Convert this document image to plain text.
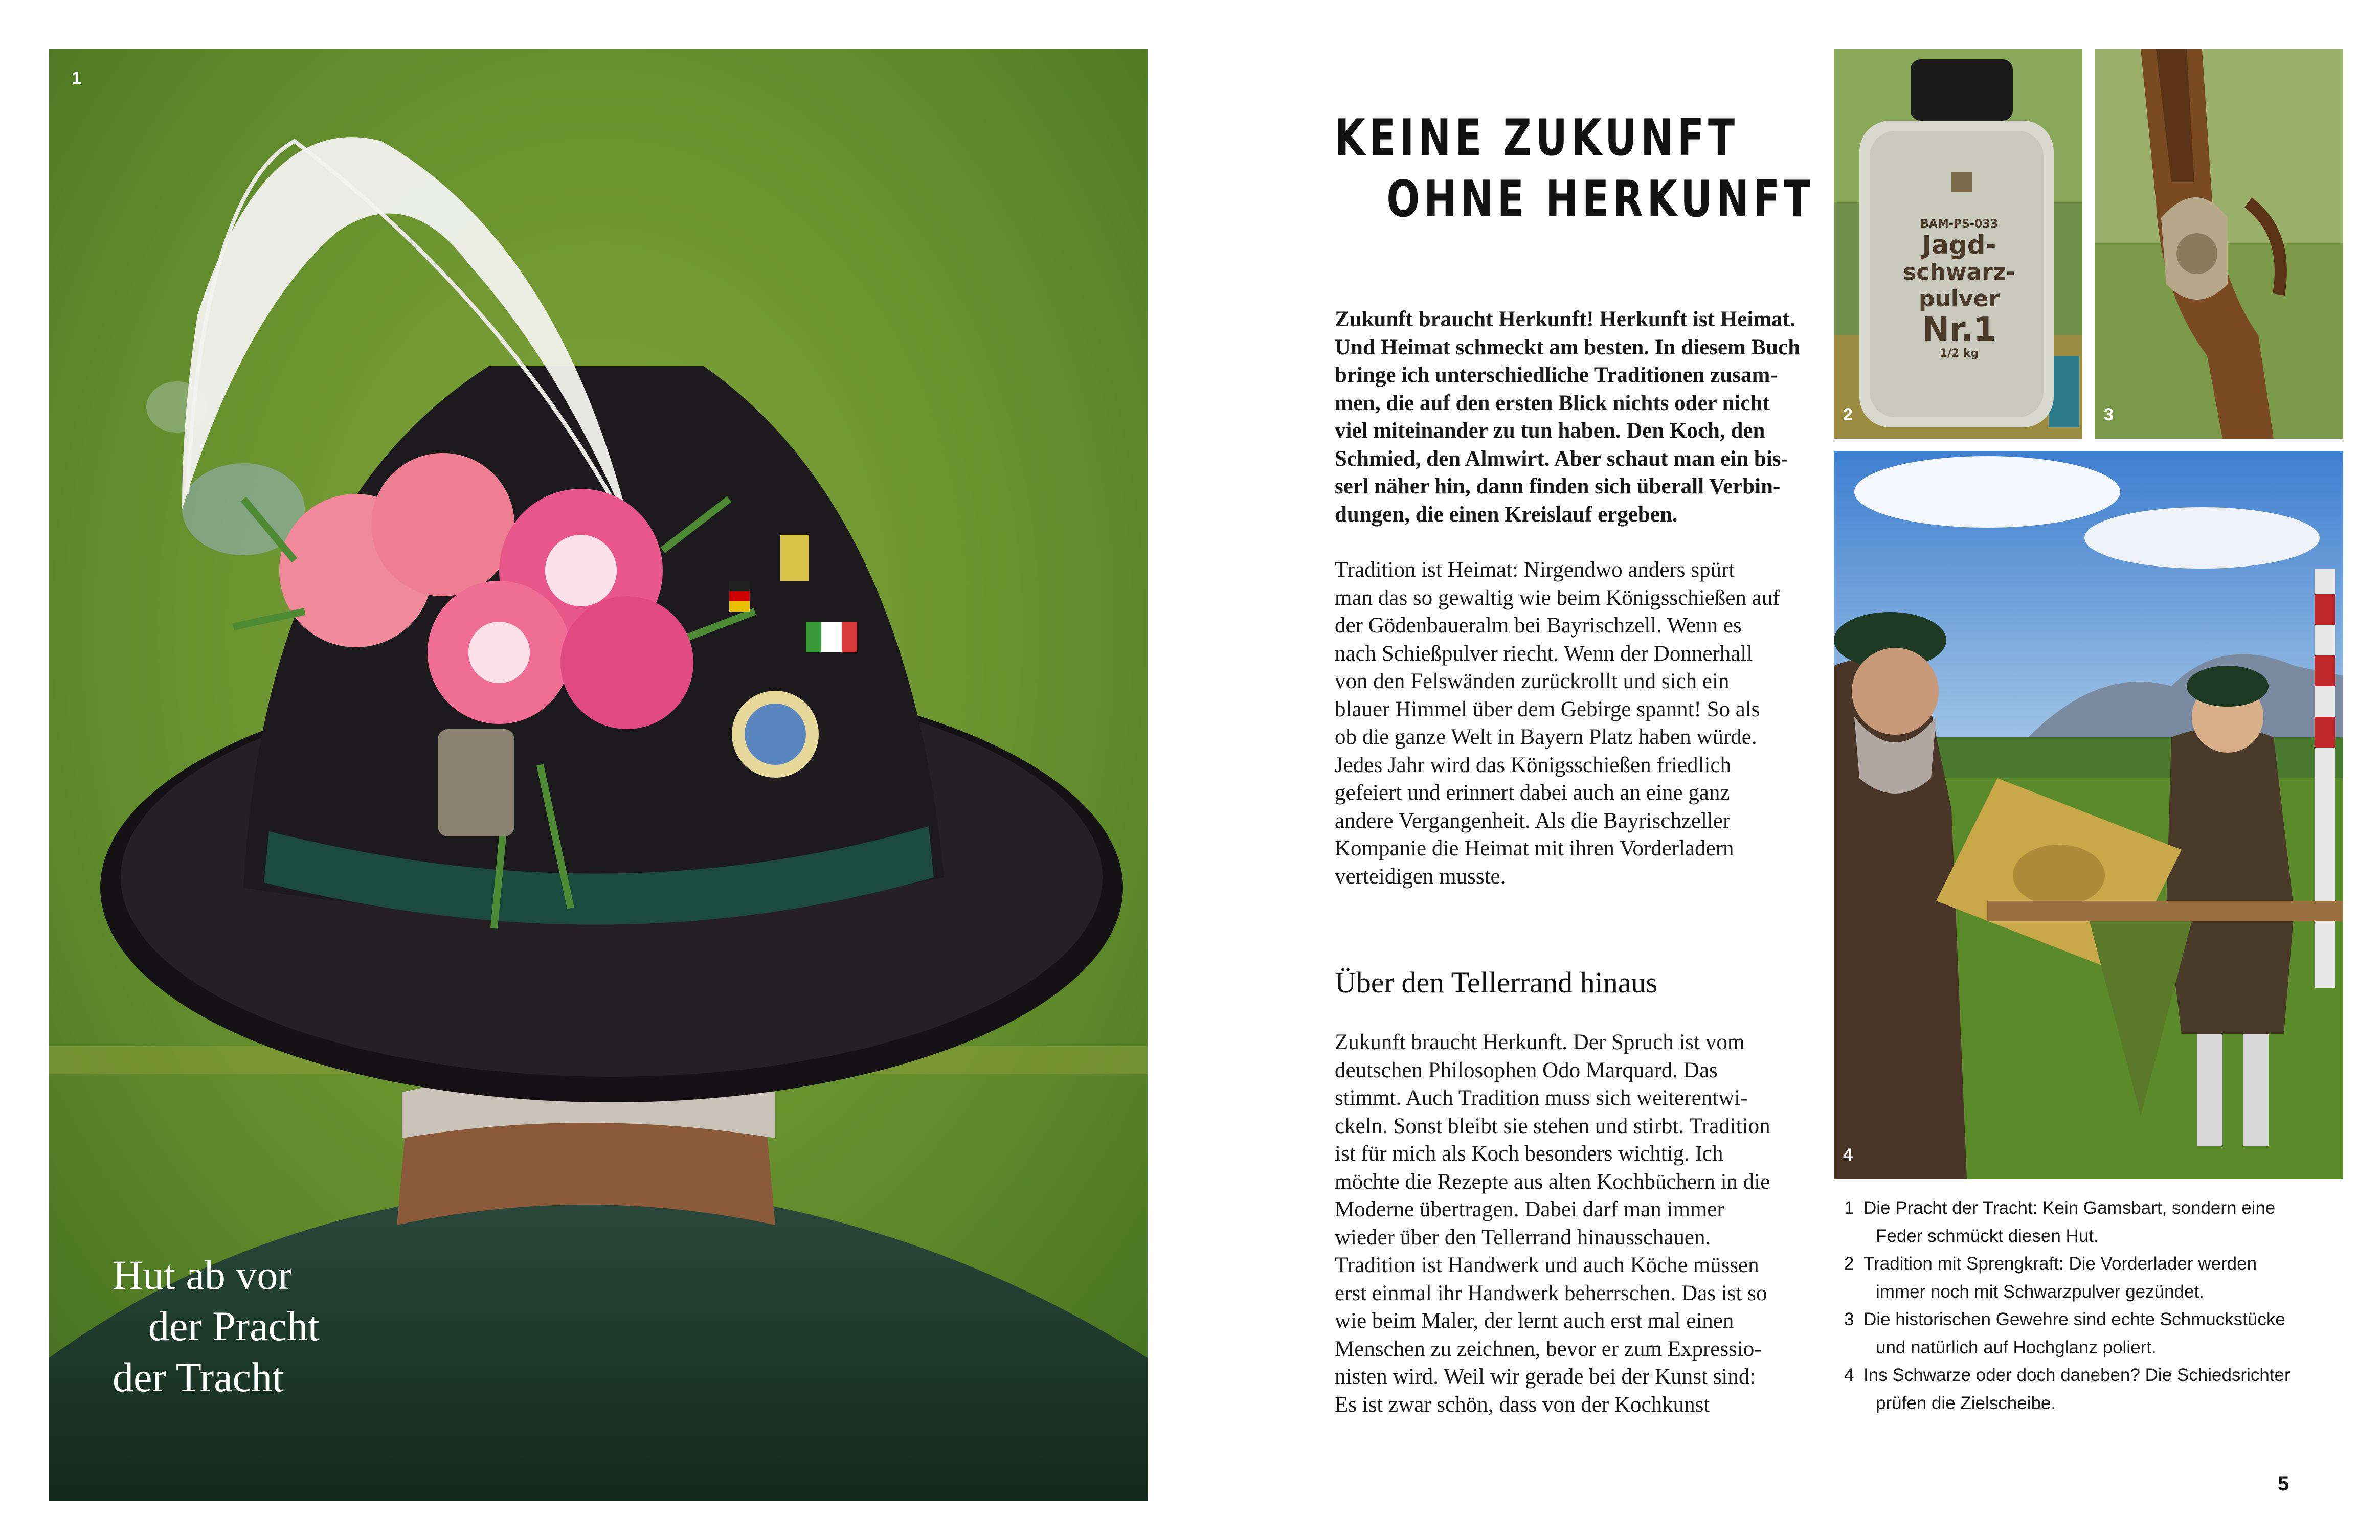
1
Hut ab vor
der Pracht
der Tracht
KEINE ZUKUNFT
OHNE HERKUNFT
Zukunft braucht Herkunft! Herkunft ist Heimat.
Und Heimat schmeckt am besten. In diesem Buch
bringe ich unterschiedliche Traditionen zusam-
men, die auf den ersten Blick nichts oder nicht
viel miteinander zu tun haben. Den Koch, den
Schmied, den Almwirt. Aber schaut man ein bis-
serl näher hin, dann finden sich überall Verbin-
dungen, die einen Kreislauf ergeben.
Tradition ist Heimat: Nirgendwo anders spürt
man das so gewaltig wie beim Königsschießen auf
der Gödenbaueralm bei Bayrischzell. Wenn es
nach Schießpulver riecht. Wenn der Donnerhall
von den Felswänden zurückrollt und sich ein
blauer Himmel über dem Gebirge spannt! So als
ob die ganze Welt in Bayern Platz haben würde.
Jedes Jahr wird das Königsschießen friedlich
gefeiert und erinnert dabei auch an eine ganz
andere Vergangenheit. Als die Bayrischzeller
Kompanie die Heimat mit ihren Vorderladern
verteidigen musste.
Über den Tellerrand hinaus
Zukunft braucht Herkunft. Der Spruch ist vom
deutschen Philosophen Odo Marquard. Das
stimmt. Auch Tradition muss sich weiterentwi-
ckeln. Sonst bleibt sie stehen und stirbt. Tradition
ist für mich als Koch besonders wichtig. Ich
möchte die Rezepte aus alten Kochbüchern in die
Moderne übertragen. Dabei darf man immer
wieder über den Tellerrand hinausschauen.
Tradition ist Handwerk und auch Köche müssen
erst einmal ihr Handwerk beherrschen. Das ist so
wie beim Maler, der lernt auch erst mal einen
Menschen zu zeichnen, bevor er zum Expressio-
nisten wird. Weil wir gerade bei der Kunst sind:
Es ist zwar schön, dass von der Kochkunst
BAM-PS-033
Jagd-
schwarz-
pulver
Nr.1
1/2 kg
2	3
4
1 Die Pracht der Tracht: Kein Gamsbart, sondern eine
Feder schmückt diesen Hut.
2 Tradition mit Sprengkraft: Die Vorderlader werden
immer noch mit Schwarzpulver gezündet.
3 Die historischen Gewehre sind echte Schmuckstücke
und natürlich auf Hochglanz poliert.
4 Ins Schwarze oder doch daneben? Die Schiedsrichter
prüfen die Zielscheibe.
5
